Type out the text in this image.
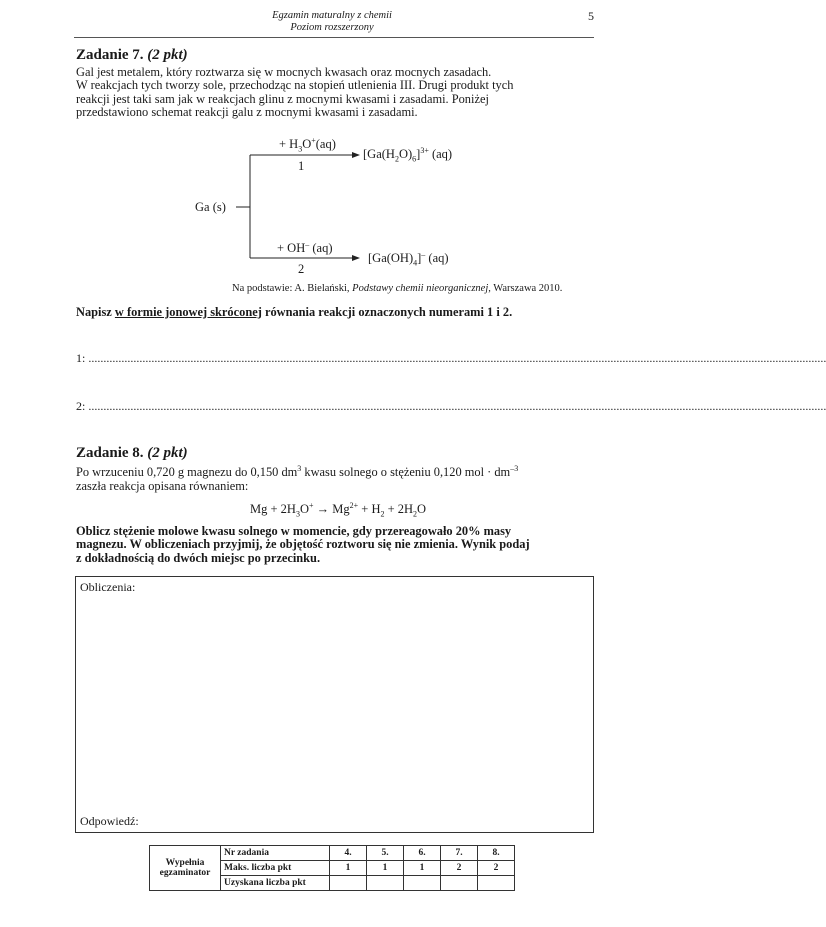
Egzamin maturalny z chemii
Poziom rozszerzony
5
Zadanie 7. (2 pkt)
Gal jest metalem, który roztwarza się w mocnych kwasach oraz mocnych zasadach.
W reakcjach tych tworzy sole, przechodząc na stopień utlenienia III. Drugi produkt tych
reakcji jest taki sam jak w reakcjach glinu z mocnymi kwasami i zasadami. Poniżej
przedstawiono schemat reakcji galu z mocnymi kwasami i zasadami.
Ga (s)
+ $H_3O^+(aq)$
1
$[Ga(H_2O)_6]^{3+}$ (aq)
+ OH– (aq)
2
$[Ga(OH)_4]^-$ (aq)
Na podstawie: A. Bielański, Podstawy chemii nieorganicznej, Warszawa 2010.
Napisz w formie jonowej skróconej równania reakcji oznaczonych numerami 1 i 2.
1: ......................................................................................................................................................................................................................................................
2: ......................................................................................................................................................................................................................................................
Zadanie 8. (2 pkt)
Po wrzuceniu 0,720 g magnezu do 0,150 $dm^3$ kwasu solnego o stężeniu 0,120 mol · $dm^{-3}$
zaszła reakcja opisana równaniem:
$Mg + 2H_3O^+ \to Mg^{2+} + H_2 + 2H_2O$
Oblicz stężenie molowe kwasu solnego w momencie, gdy przereagowało 20% masy
magnezu. W obliczeniach przyjmij, że objętość roztworu się nie zmienia. Wynik podaj
z dokładnością do dwóch miejsc po przecinku.
Obliczenia:
Odpowiedź:
Wypełnia
egzaminator	Nr zadania	4.	5.	6.	7.	8.
	Maks. liczba pkt	1	1	1	2	2
	Uzyskana liczba pkt					
